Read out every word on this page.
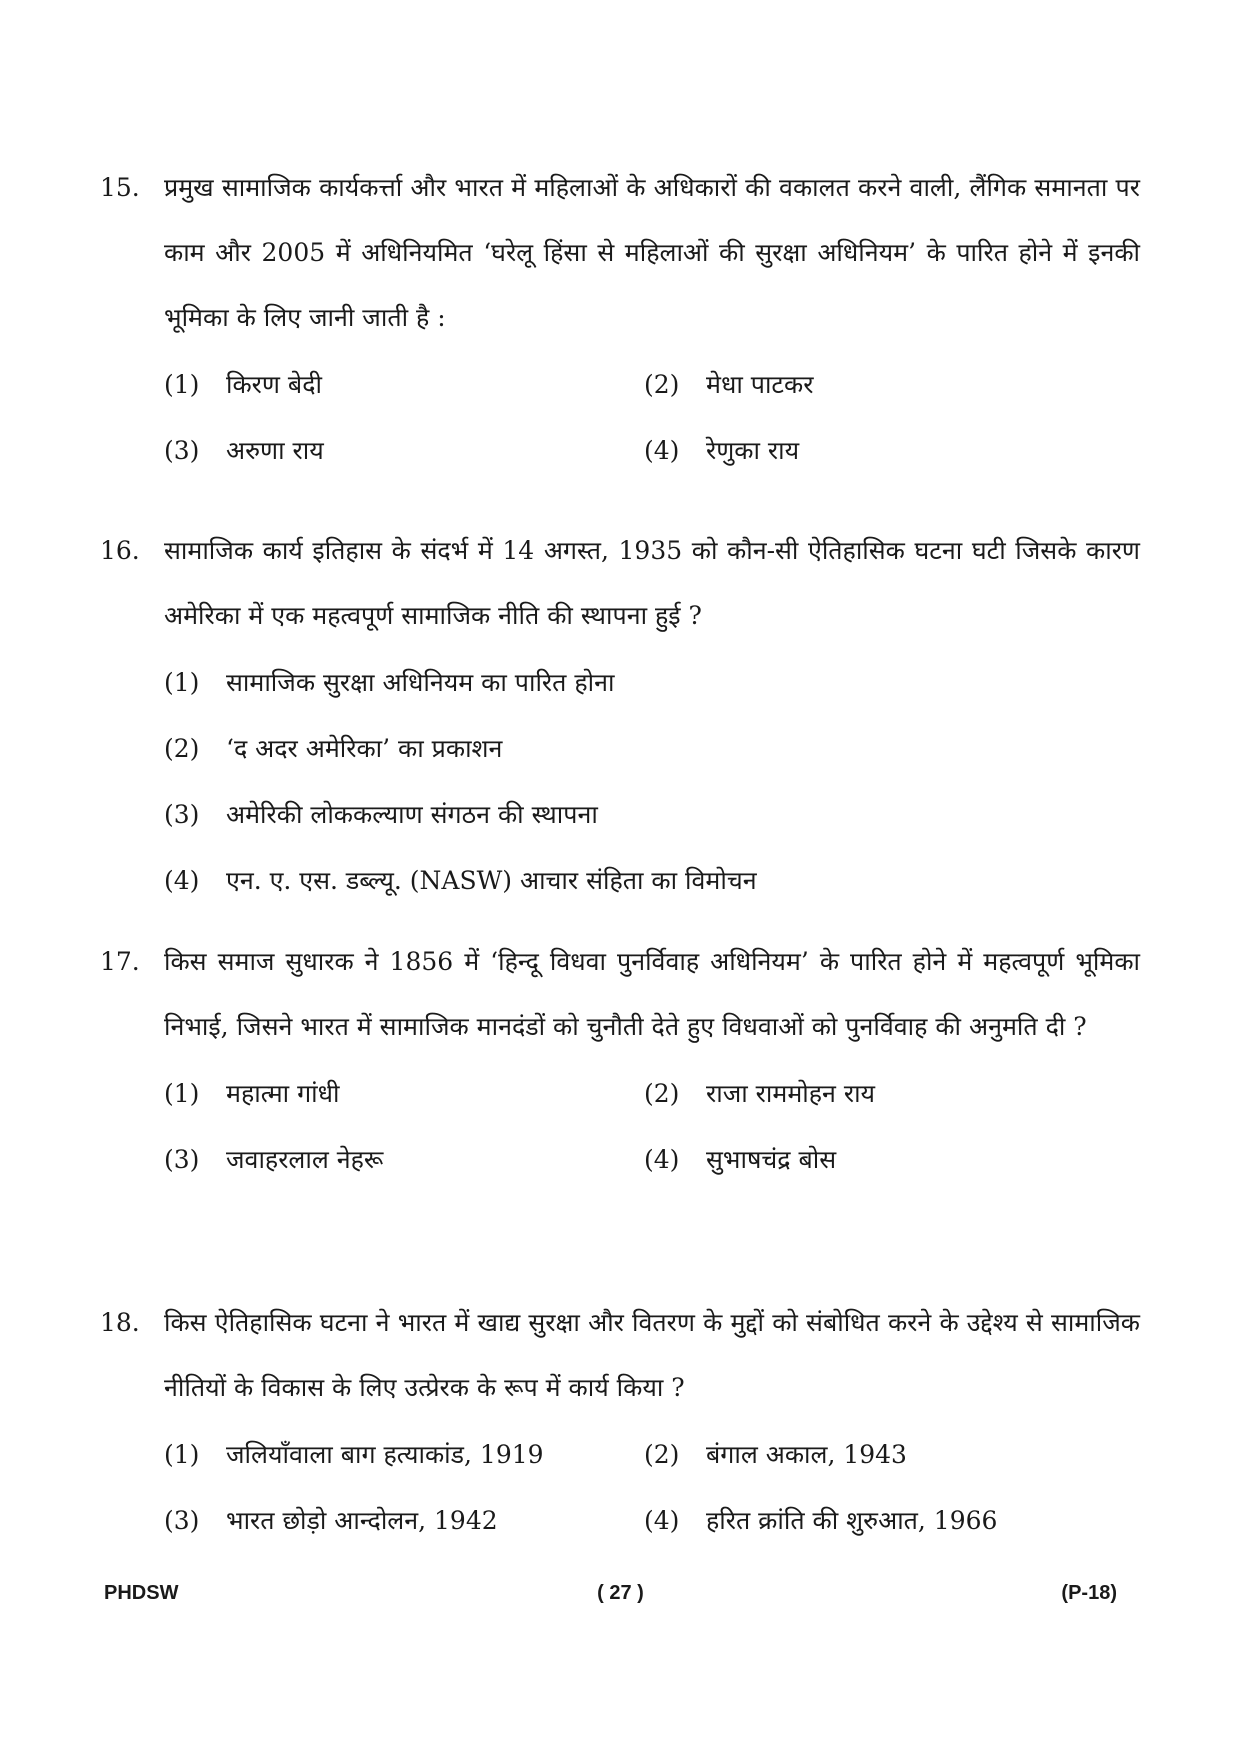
15. प्रमुख सामाजिक कार्यकर्त्ता और भारत में महिलाओं के अधिकारों की वकालत करने वाली, लैंगिक समानता पर काम और 2005 में अधिनियमित ‘घरेलू हिंसा से महिलाओं की सुरक्षा अधिनियम’ के पारित होने में इनकी भूमिका के लिए जानी जाती है :
(1) किरण बेदी	(2) मेधा पाटकर
(3) अरुणा राय	(4) रेणुका राय
16. सामाजिक कार्य इतिहास के संदर्भ में 14 अगस्त, 1935 को कौन-सी ऐतिहासिक घटना घटी जिसके कारण अमेरिका में एक महत्वपूर्ण सामाजिक नीति की स्थापना हुई ?
(1) सामाजिक सुरक्षा अधिनियम का पारित होना
(2) ‘द अदर अमेरिका’ का प्रकाशन
(3) अमेरिकी लोककल्याण संगठन की स्थापना
(4) एन. ए. एस. डब्ल्यू. (NASW) आचार संहिता का विमोचन
17. किस समाज सुधारक ने 1856 में ‘हिन्दू विधवा पुनर्विवाह अधिनियम’ के पारित होने में महत्वपूर्ण भूमिका निभाई, जिसने भारत में सामाजिक मानदंडों को चुनौती देते हुए विधवाओं को पुनर्विवाह की अनुमति दी ?
(1) महात्मा गांधी	(2) राजा राममोहन राय
(3) जवाहरलाल नेहरू	(4) सुभाषचंद्र बोस
18. किस ऐतिहासिक घटना ने भारत में खाद्य सुरक्षा और वितरण के मुद्दों को संबोधित करने के उद्देश्य से सामाजिक नीतियों के विकास के लिए उत्प्रेरक के रूप में कार्य किया ?
(1) जलियाँवाला बाग हत्याकांड, 1919	(2) बंगाल अकाल, 1943
(3) भारत छोड़ो आन्दोलन, 1942	(4) हरित क्रांति की शुरुआत, 1966
PHDSW	( 27 )	(P-18)
